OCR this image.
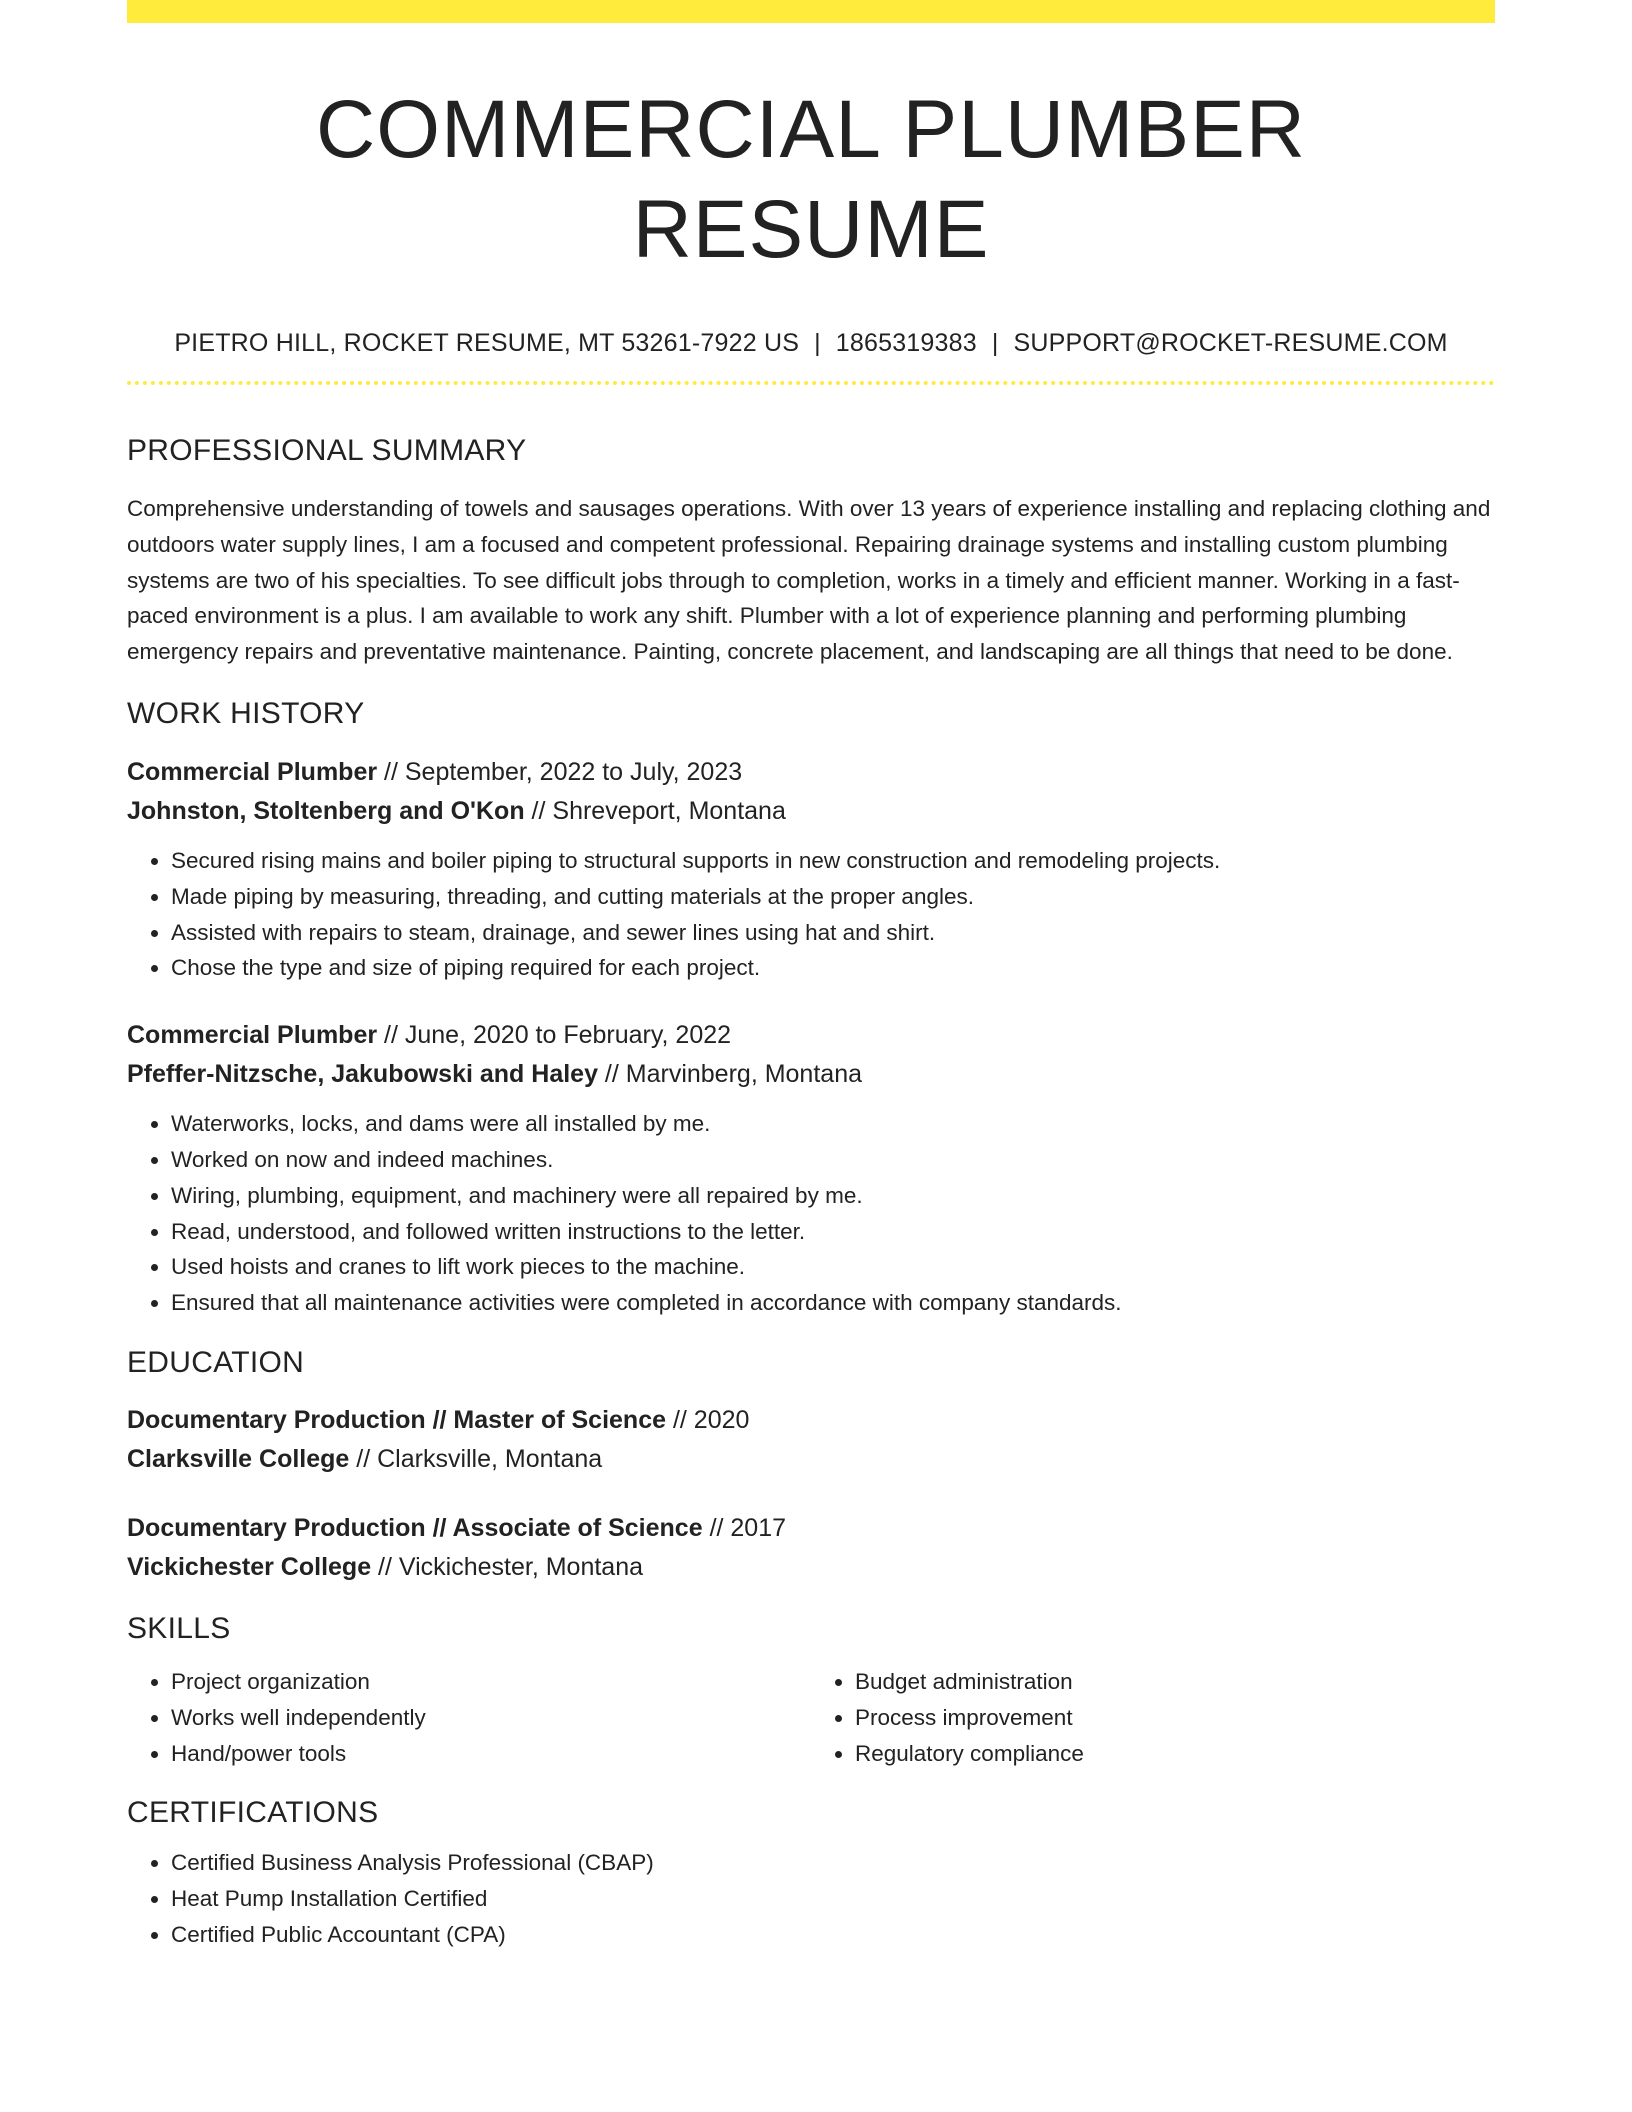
COMMERCIAL PLUMBER RESUME
PIETRO HILL, ROCKET RESUME, MT 53261-7922 US | 1865319383 | SUPPORT@ROCKET-RESUME.COM
PROFESSIONAL SUMMARY
Comprehensive understanding of towels and sausages operations. With over 13 years of experience installing and replacing clothing and outdoors water supply lines, I am a focused and competent professional. Repairing drainage systems and installing custom plumbing systems are two of his specialties. To see difficult jobs through to completion, works in a timely and efficient manner. Working in a fast-paced environment is a plus. I am available to work any shift. Plumber with a lot of experience planning and performing plumbing emergency repairs and preventative maintenance. Painting, concrete placement, and landscaping are all things that need to be done.
WORK HISTORY
Commercial Plumber // September, 2022 to July, 2023
Johnston, Stoltenberg and O'Kon // Shreveport, Montana
• Secured rising mains and boiler piping to structural supports in new construction and remodeling projects.
• Made piping by measuring, threading, and cutting materials at the proper angles.
• Assisted with repairs to steam, drainage, and sewer lines using hat and shirt.
• Chose the type and size of piping required for each project.
Commercial Plumber // June, 2020 to February, 2022
Pfeffer-Nitzsche, Jakubowski and Haley // Marvinberg, Montana
• Waterworks, locks, and dams were all installed by me.
• Worked on now and indeed machines.
• Wiring, plumbing, equipment, and machinery were all repaired by me.
• Read, understood, and followed written instructions to the letter.
• Used hoists and cranes to lift work pieces to the machine.
• Ensured that all maintenance activities were completed in accordance with company standards.
EDUCATION
Documentary Production // Master of Science // 2020
Clarksville College // Clarksville, Montana
Documentary Production // Associate of Science // 2017
Vickichester College // Vickichester, Montana
SKILLS
• Project organization
• Works well independently
• Hand/power tools
• Budget administration
• Process improvement
• Regulatory compliance
CERTIFICATIONS
• Certified Business Analysis Professional (CBAP)
• Heat Pump Installation Certified
• Certified Public Accountant (CPA)
